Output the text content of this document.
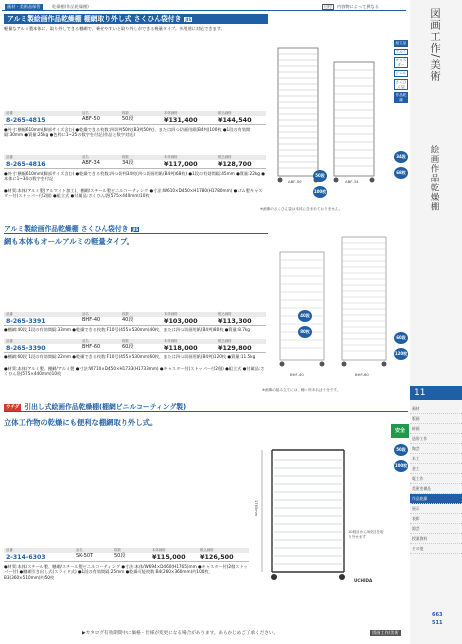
画材・美術品保管	乾燥棚(作品乾燥棚)	日付	内容物によって異なる
図画工作/美術
絵画作品乾燥棚
11
画材
版画
絵画
造形工作
陶芸
木工
金工
電工作
美術室備品
作品乾燥
展示
表彰
園芸
授業資料
その他
663
511
アルミ製絵画作品乾燥棚 棚網取り外し式 さくひん袋付き JIS
軽量なアルミ製本体に、取り外しできる棚網で、乗せやすいと取り外しができる軽量タイプ。多用途に対応できます。
ABF-50	ABF-34
※画像のさくひん袋は本体に含まれておりません。
組立品
アルミ
キャスター
ビニル
さくひん袋
作品乾燥
50段
100枚
34段
68枚
品番	品名	段数	本体価格	税込価格
8-265-4815	ABF-50	50段	¥131,400	¥144,540
●外寸:横幅610mm(脚部サイズ含む) ●乾燥できる枚数:四切判50枚(B3判50枚)、または四つ切画用紙(B4判)100枚 ●1段の有効間隔:30mm ●質量:25kg ●色枠に1~25の数字を付記(作品と数字対応)
品番	品名	段数	本体価格	税込価格
8-265-4816	ABF-34	34段	¥117,000	¥128,700
●外寸:横幅610mm(脚部サイズ含む) ●乾燥できる枚数:四つ切判34枚(四つ切画用紙(B4判)68枚) ●1段の有効間隔:45mm ●質量:22kg ●本体に1~34の数字を付記
●材質:本体/アルミ製(アルマイト加工)、棚網/スチール製ビニルコーティング ●寸法:W610×D450×H1780(H1780mm) ●ゴム製キャスター付(ストッパー付2個) ●組立式 ●付属品:さくひん袋(575×440mm)10枚
アルミ製絵画作品乾燥棚 さくひん袋付き JIS
網も本体もオールアルミの軽量タイプ。
BHF-40	BHF-60
※画像の組み立てには、種ヶ所あれば十分です。
40段
80枚
60段
120枚
品番	品名	段数	本体価格	税込価格
8-265-3391	BHF-40	40段	¥103,000	¥113,300
●棚網:40段 1段の有効間隔:33mm ●乾燥できる枚数:F10号(455×530mm)40枚、または四つ切画用紙(B4判)80枚 ●質量:8.7kg
品番	品名	段数	本体価格	税込価格
8-265-3390	BHF-60	60段	¥118,000	¥129,800
●棚網:60段 1段の有効間隔:22mm ●乾燥できる枚数:F10号(455×530mm)60枚、または四つ切画用紙(B4判)120枚 ●質量:11.5kg
●材質:本体/アルミ製、棚網/アルミ製 ●寸法:W710×D450×H1733(H1733mm) ●キャスター付(ストッパー付2個) ●組立式 ●付属品:さくひん袋(575×440mm)10枚
ウチダ 引出し式絵画作品乾燥棚(棚網ビニルコーティング製)
立体工作物の乾燥にも便利な棚網取り外し式。
1765mm
10段目から5段目を取り外せます
UCHIDA
安全
50段
100枚
品番	品名	段数	本体価格	税込価格
2-314-6303	SK-50T	50段	¥115,000 ¥126,500
●材質:本体/スチール製、棚網/スチール製ビニルコーティング ●寸法:本体/W694×D460(H1765)mm ●キャスター付(2個ストッパー付) ●棚網引き出し式(スライド式) ●1段の有効間隔:25mm ●乾燥可能枚数:B4(260×360mm)約100枚、B3(360×510mm)約50枚
▶カタログ有効期間中に価格・仕様が変更になる場合があります。あらかじめご了承ください。	図画工作/美術
